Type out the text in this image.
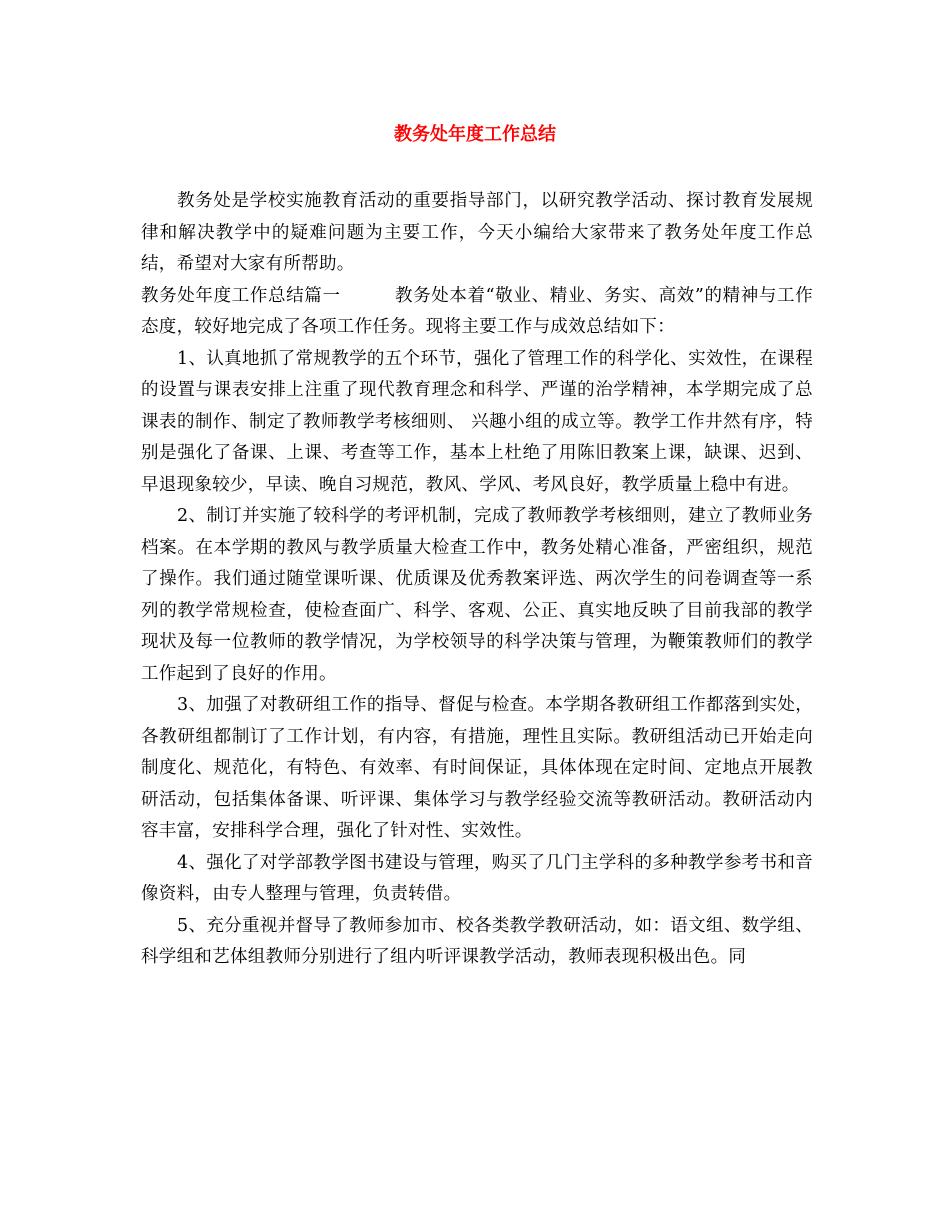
教务处年度工作总结

教务处是学校实施教育活动的重要指导部门，以研究教学活动、探讨教育发展规律和解决教学中的疑难问题为主要工作，今天小编给大家带来了教务处年度工作总结，希望对大家有所帮助。

教务处年度工作总结篇一	教务处本着“敬业、精业、务实、高效”的精神与工作态度，较好地完成了各项工作任务。现将主要工作与成效总结如下：

1、认真地抓了常规教学的五个环节，强化了管理工作的科学化、实效性，在课程的设置与课表安排上注重了现代教育理念和科学、严谨的治学精神，本学期完成了总课表的制作、制定了教师教学考核细则、 兴趣小组的成立等。教学工作井然有序，特别是强化了备课、上课、考查等工作，基本上杜绝了用陈旧教案上课，缺课、迟到、早退现象较少，早读、晚自习规范，教风、学风、考风良好，教学质量上稳中有进。

2、制订并实施了较科学的考评机制，完成了教师教学考核细则，建立了教师业务档案。在本学期的教风与教学质量大检查工作中，教务处精心准备，严密组织，规范了操作。我们通过随堂课听课、优质课及优秀教案评选、两次学生的问卷调查等一系列的教学常规检查，使检查面广、科学、客观、公正、真实地反映了目前我部的教学现状及每一位教师的教学情况，为学校领导的科学决策与管理，为鞭策教师们的教学工作起到了良好的作用。

3、加强了对教研组工作的指导、督促与检查。本学期各教研组工作都落到实处，各教研组都制订了工作计划，有内容，有措施，理性且实际。教研组活动已开始走向制度化、规范化，有特色、有效率、有时间保证，具体体现在定时间、定地点开展教研活动，包括集体备课、听评课、集体学习与教学经验交流等教研活动。教研活动内容丰富，安排科学合理，强化了针对性、实效性。

4、强化了对学部教学图书建设与管理，购买了几门主学科的多种教学参考书和音像资料，由专人整理与管理，负责转借。

5、充分重视并督导了教师参加市、校各类教学教研活动，如：语文组、数学组、科学组和艺体组教师分别进行了组内听评课教学活动，教师表现积极出色。同
